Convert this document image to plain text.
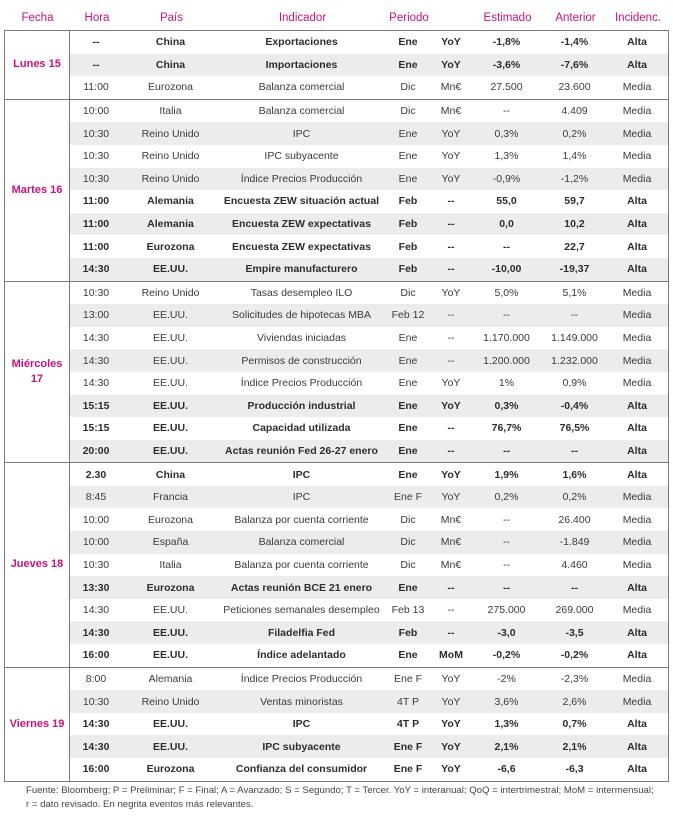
Fecha	Hora	País	Indicador	Periodo	Estimado	Anterior	Incidenc.
Lunes 15
--	China	Exportaciones	Ene	YoY	-1,8%	-1,4%	Alta
--	China	Importaciones	Ene	YoY	-3,6%	-7,6%	Alta
11:00	Eurozona	Balanza comercial	Dic	Mn€	27.500	23.600	Media
Martes 16
10:00	Italia	Balanza comercial	Dic	Mn€	--	4.409	Media
10:30	Reino Unido	IPC	Ene	YoY	0,3%	0,2%	Media
10:30	Reino Unido	IPC subyacente	Ene	YoY	1,3%	1,4%	Media
10:30	Reino Unido	Índice Precios Producción	Ene	YoY	-0,9%	-1,2%	Media
11:00	Alemania	Encuesta ZEW situación actual	Feb	--	55,0	59,7	Alta
11:00	Alemania	Encuesta ZEW expectativas	Feb	--	0,0	10,2	Alta
11:00	Eurozona	Encuesta ZEW expectativas	Feb	--	--	22,7	Alta
14:30	EE.UU.	Empire manufacturero	Feb	--	-10,00	-19,37	Alta
Miércoles
17
10:30	Reino Unido	Tasas desempleo ILO	Dic	YoY	5,0%	5,1%	Media
13:00	EE.UU.	Solicitudes de hipotecas MBA	Feb 12	--	--	--	Media
14:30	EE.UU.	Viviendas iniciadas	Ene	--	1.170.000	1.149.000	Media
14:30	EE.UU.	Permisos de construcción	Ene	--	1.200.000	1.232.000	Media
14:30	EE.UU.	Índice Precios Producción	Ene	YoY	1%	0,9%	Media
15:15	EE.UU.	Producción industrial	Ene	YoY	0,3%	-0,4%	Alta
15:15	EE.UU.	Capacidad utilizada	Ene	--	76,7%	76,5%	Alta
20:00	EE.UU.	Actas reunión Fed 26-27 enero	Ene	--	--	--	Alta
Jueves 18
2.30	China	IPC	Ene	YoY	1,9%	1,6%	Alta
8:45	Francia	IPC	Ene F	YoY	0,2%	0,2%	Media
10:00	Eurozona	Balanza por cuenta corriente	Dic	Mn€	--	26.400	Media
10:00	España	Balanza comercial	Dic	Mn€	--	-1.849	Media
10:30	Italia	Balanza por cuenta corriente	Dic	Mn€	--	4.460	Media
13:30	Eurozona	Actas reunión BCE 21 enero	Ene	--	--	--	Alta
14:30	EE.UU.	Peticiones semanales desempleo	Feb 13	--	275.000	269.000	Media
14:30	EE.UU.	Filadelfia Fed	Feb	--	-3,0	-3,5	Alta
16:00	EE.UU.	Índice adelantado	Ene	MoM	-0,2%	-0,2%	Alta
Viernes 19
8:00	Alemania	Índice Precios Producción	Ene F	YoY	-2%	-2,3%	Media
10:30	Reino Unido	Ventas minoristas	4T P	YoY	3,6%	2,6%	Media
14:30	EE.UU.	IPC	4T P	YoY	1,3%	0,7%	Alta
14:30	EE.UU.	IPC subyacente	Ene F	YoY	2,1%	2,1%	Alta
16:00	Eurozona	Confianza del consumidor	Ene F	YoY	-6,6	-6,3	Alta
Fuente: Bloomberg; P = Preliminar; F = Final; A = Avanzado; S = Segundo; T = Tercer. YoY = interanual; QoQ = intertrimestral; MoM = intermensual; r = dato revisado. En negrita eventos más relevantes.
